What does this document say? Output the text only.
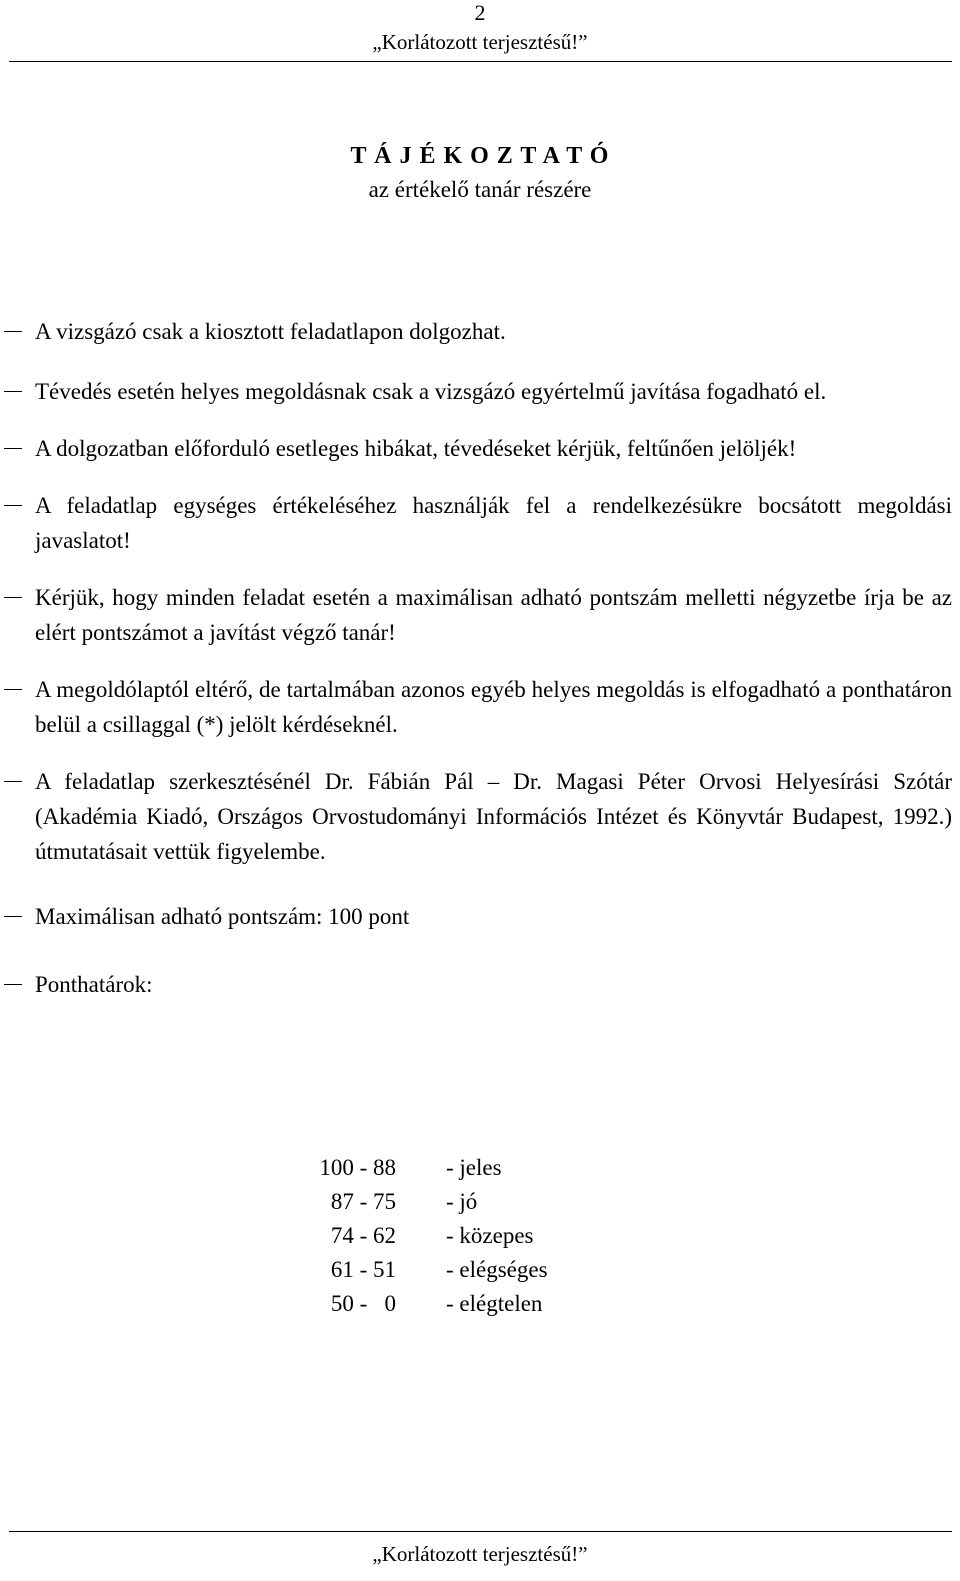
2
„Korlátozott terjesztésű!”
T Á J É K O Z T A T Ó
az értékelő tanár részére
A vizsgázó csak a kiosztott feladatlapon dolgozhat.
Tévedés esetén helyes megoldásnak csak a vizsgázó egyértelmű javítása fogadható el.
A dolgozatban előforduló esetleges hibákat, tévedéseket kérjük, feltűnően jelöljék!
A feladatlap egységes értékeléséhez használják fel a rendelkezésükre bocsátott megoldási javaslatot!
Kérjük, hogy minden feladat esetén a maximálisan adható pontszám melletti négyzetbe írja be az elért pontszámot a javítást végző tanár!
A megoldólaptól eltérő, de tartalmában azonos egyéb helyes megoldás is elfogadható a ponthatáron belül a csillaggal (*) jelölt kérdéseknél.
A feladatlap szerkesztésénél Dr. Fábián Pál – Dr. Magasi Péter Orvosi Helyesírási Szótár (Akadémia Kiadó, Országos Orvostudományi Információs Intézet és Könyvtár Budapest, 1992.) útmutatásait vettük figyelembe.
Maximálisan adható pontszám: 100 pont
Ponthatárok:
100 - 88	- jeles
87 - 75	- jó
74 - 62	- közepes
61 - 51	- elégséges
50 -   0	- elégtelen
„Korlátozott terjesztésű!”
